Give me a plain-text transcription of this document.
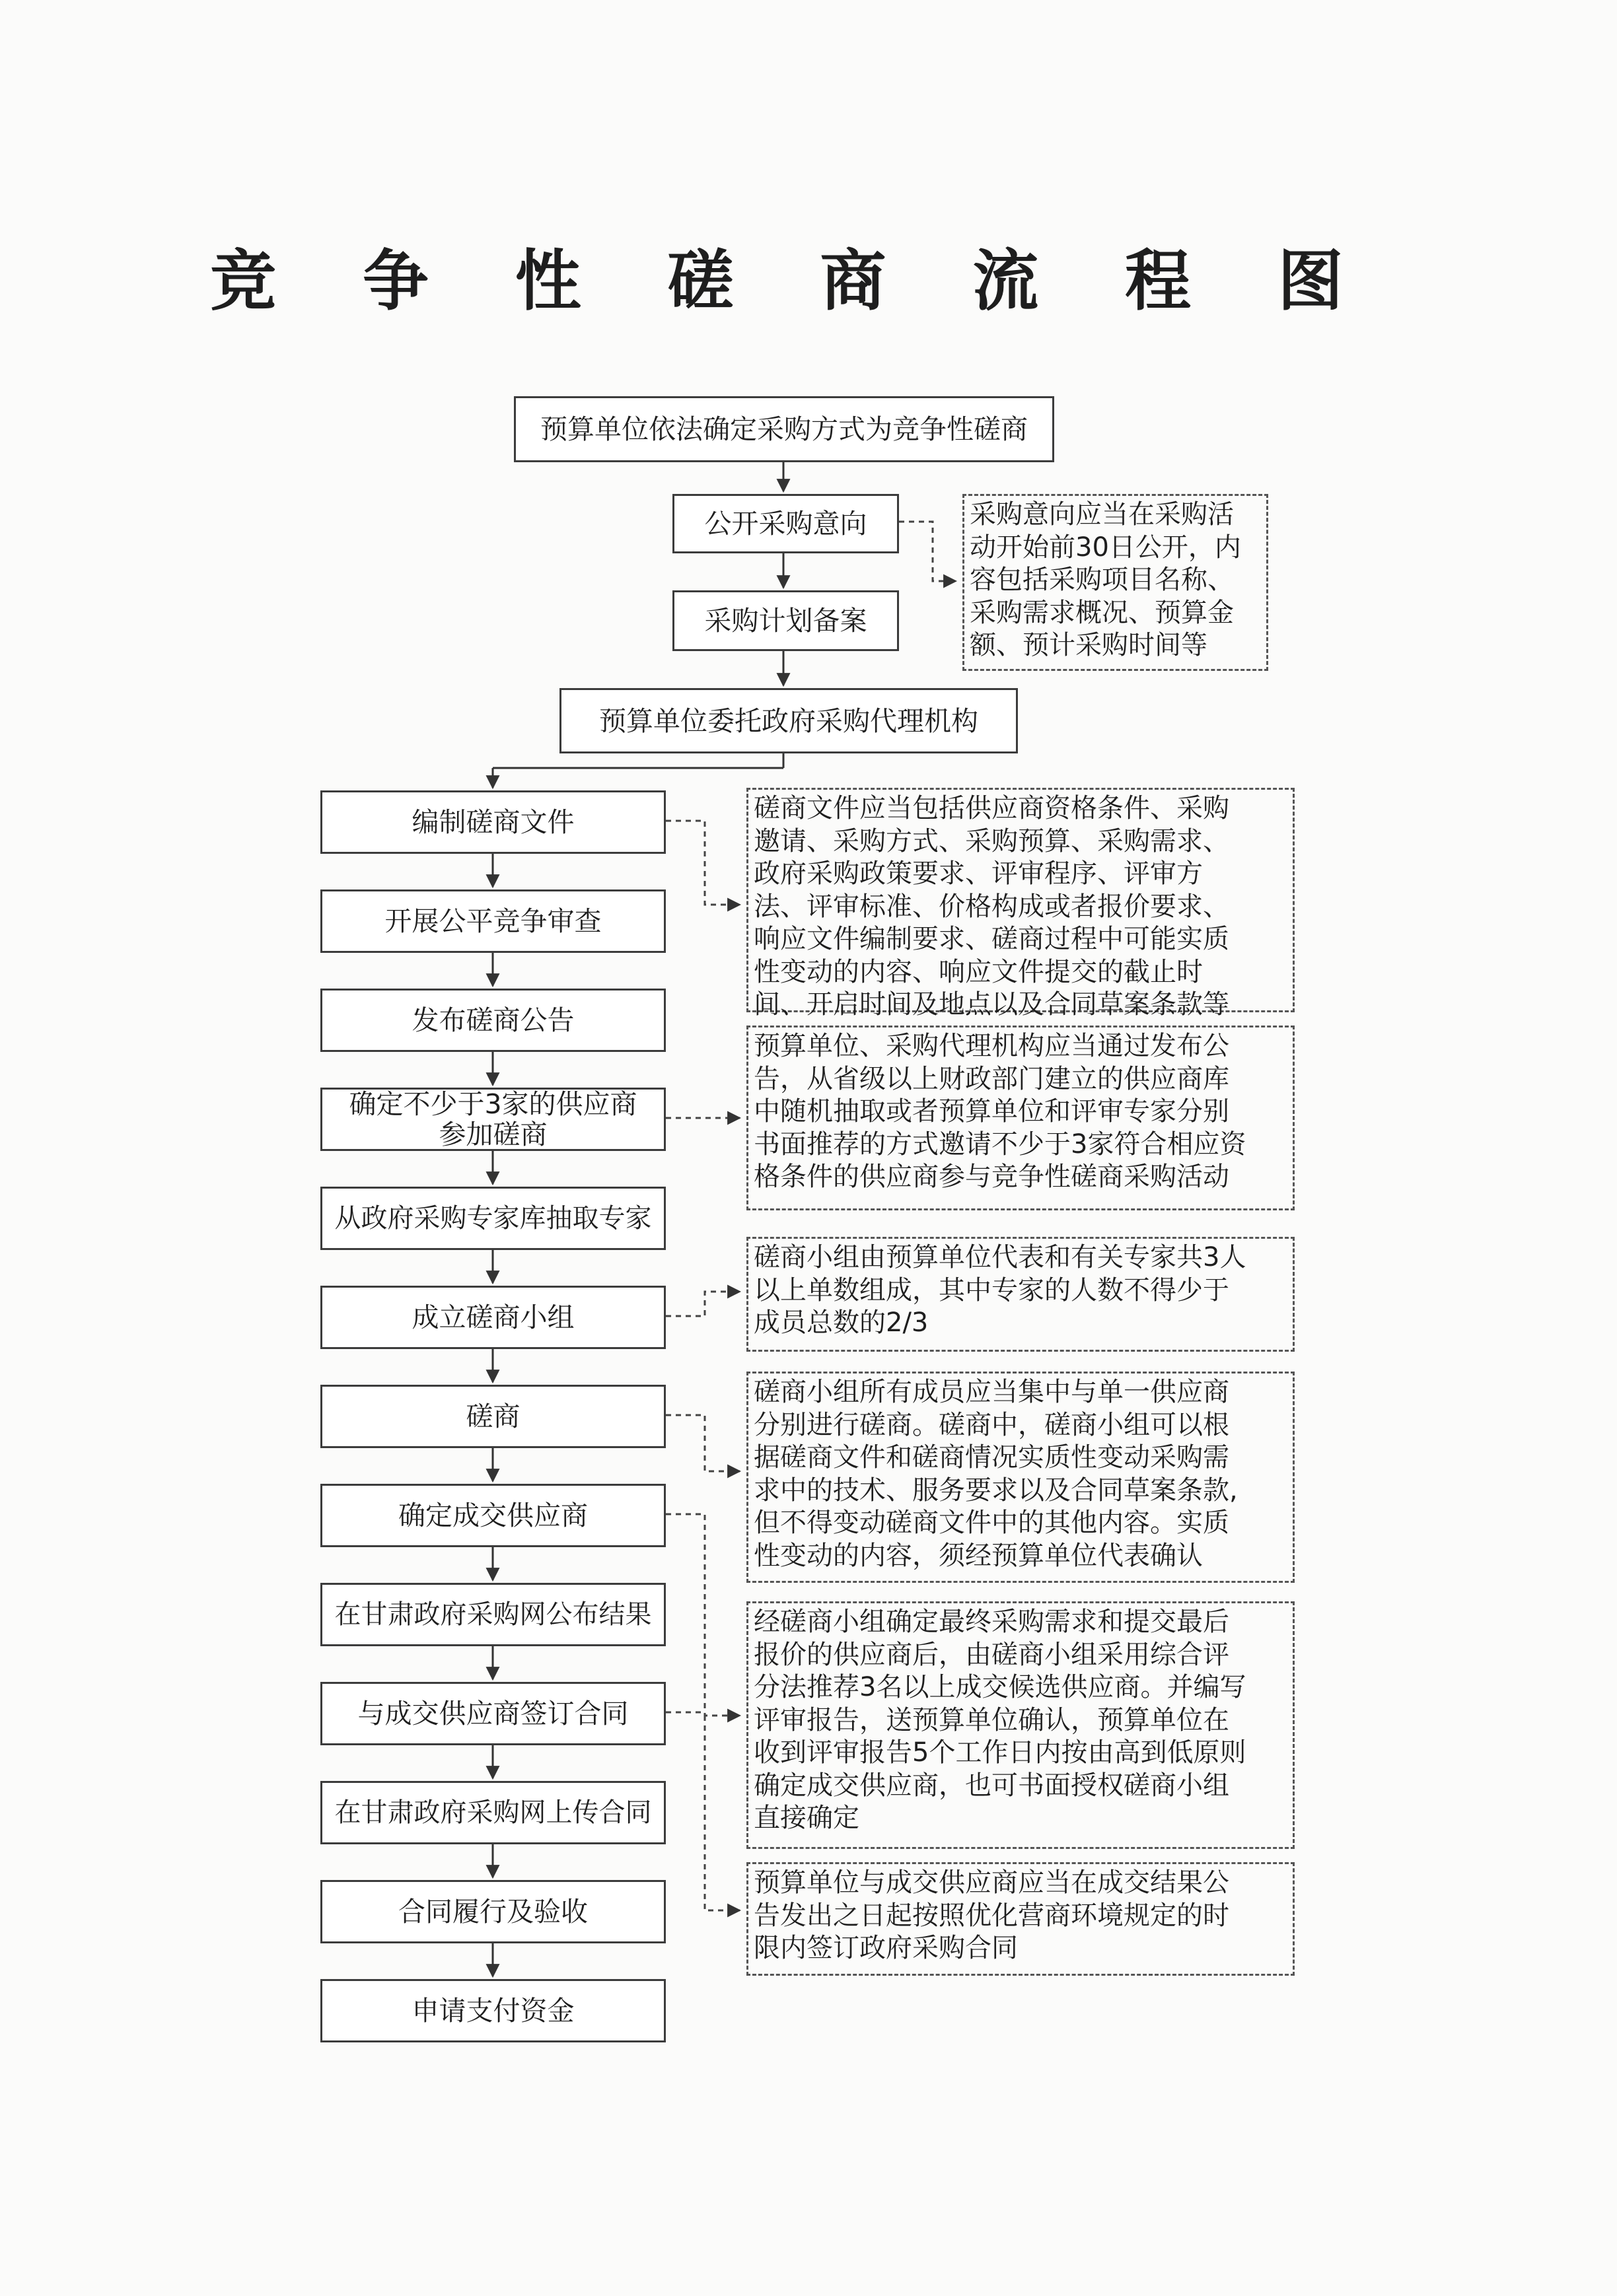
竞 争 性 磋 商 流 程 图
预算单位依法确定采购方式为竞争性磋商
公开采购意向
采购计划备案
预算单位委托政府采购代理机构
编制磋商文件
开展公平竞争审查
发布磋商公告
确定不少于3家的供应商参加磋商
从政府采购专家库抽取专家
成立磋商小组
磋商
确定成交供应商
在甘肃政府采购网公布结果
与成交供应商签订合同
在甘肃政府采购网上传合同
合同履行及验收
申请支付资金
采购意向应当在采购活
动开始前30日公开，内
容包括采购项目名称、
采购需求概况、预算金
额、预计采购时间等
磋商文件应当包括供应商资格条件、采购
邀请、采购方式、采购预算、采购需求、
政府采购政策要求、评审程序、评审方
法、评审标准、价格构成或者报价要求、
响应文件编制要求、磋商过程中可能实质
性变动的内容、响应文件提交的截止时
间、开启时间及地点以及合同草案条款等
预算单位、采购代理机构应当通过发布公
告，从省级以上财政部门建立的供应商库
中随机抽取或者预算单位和评审专家分别
书面推荐的方式邀请不少于3家符合相应资
格条件的供应商参与竞争性磋商采购活动
磋商小组由预算单位代表和有关专家共3人
以上单数组成，其中专家的人数不得少于
成员总数的2/3
磋商小组所有成员应当集中与单一供应商
分别进行磋商。磋商中，磋商小组可以根
据磋商文件和磋商情况实质性变动采购需
求中的技术、服务要求以及合同草案条款,
但不得变动磋商文件中的其他内容。实质
性变动的内容，须经预算单位代表确认
经磋商小组确定最终采购需求和提交最后
报价的供应商后，由磋商小组采用综合评
分法推荐3名以上成交候选供应商。并编写
评审报告，送预算单位确认，预算单位在
收到评审报告5个工作日内按由高到低原则
确定成交供应商，也可书面授权磋商小组
直接确定
预算单位与成交供应商应当在成交结果公
告发出之日起按照优化营商环境规定的时
限内签订政府采购合同
